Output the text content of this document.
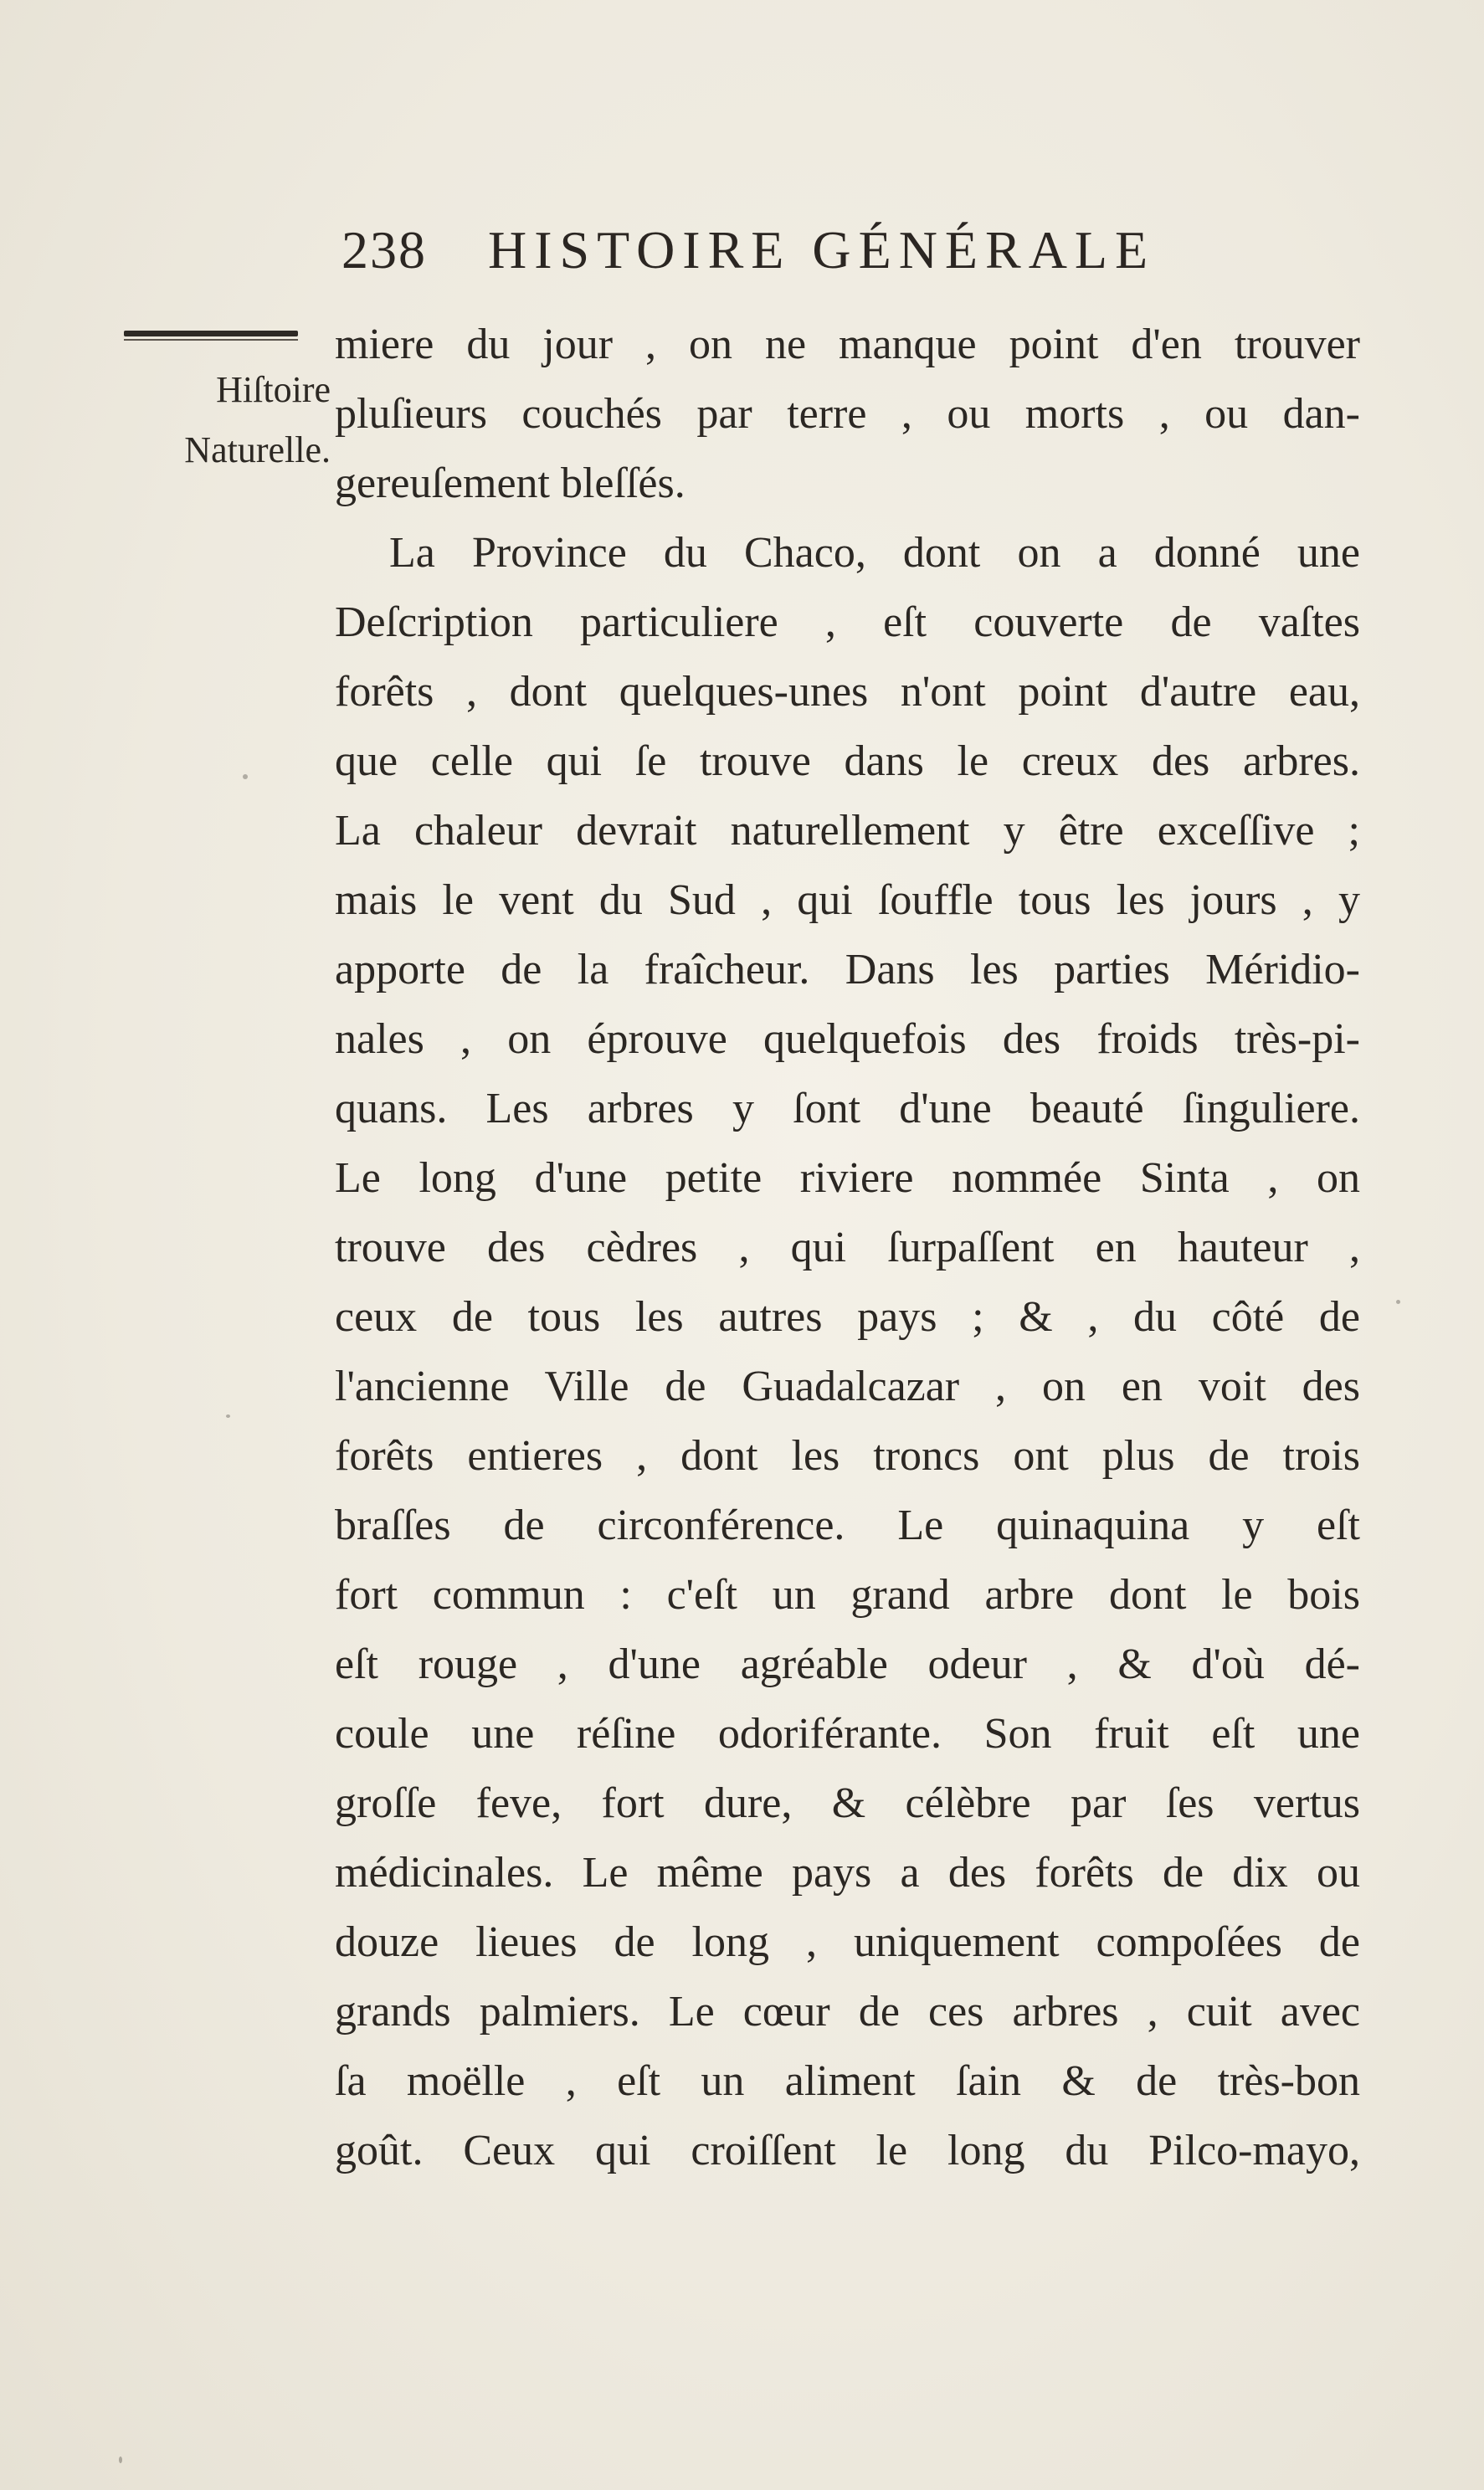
238 HISTOIRE GÉNÉRALE
Hiſtoire
Naturelle.
miere du jour , on ne manque point d'en trouver
pluſieurs couchés par terre , ou morts , ou dan-
gereuſement bleſſés.
La Province du Chaco, dont on a donné une
Deſcription particuliere , eſt couverte de vaſtes
forêts , dont quelques-unes n'ont point d'autre eau,
que celle qui ſe trouve dans le creux des arbres.
La chaleur devrait naturellement y être exceſſive ;
mais le vent du Sud , qui ſouffle tous les jours , y
apporte de la fraîcheur. Dans les parties Méridio-
nales , on éprouve quelquefois des froids très-pi-
quans. Les arbres y ſont d'une beauté ſinguliere.
Le long d'une petite riviere nommée Sinta , on
trouve des cèdres , qui ſurpaſſent en hauteur ,
ceux de tous les autres pays ; & , du côté de
l'ancienne Ville de Guadalcazar , on en voit des
forêts entieres , dont les troncs ont plus de trois
braſſes de circonférence. Le quinaquina y eſt
fort commun : c'eſt un grand arbre dont le bois
eſt rouge , d'une agréable odeur , & d'où dé-
coule une réſine odoriférante. Son fruit eſt une
groſſe feve, fort dure, & célèbre par ſes vertus
médicinales. Le même pays a des forêts de dix ou
douze lieues de long , uniquement compoſées de
grands palmiers. Le cœur de ces arbres , cuit avec
ſa moëlle , eſt un aliment ſain & de très-bon
goût. Ceux qui croiſſent le long du Pilco-mayo,
